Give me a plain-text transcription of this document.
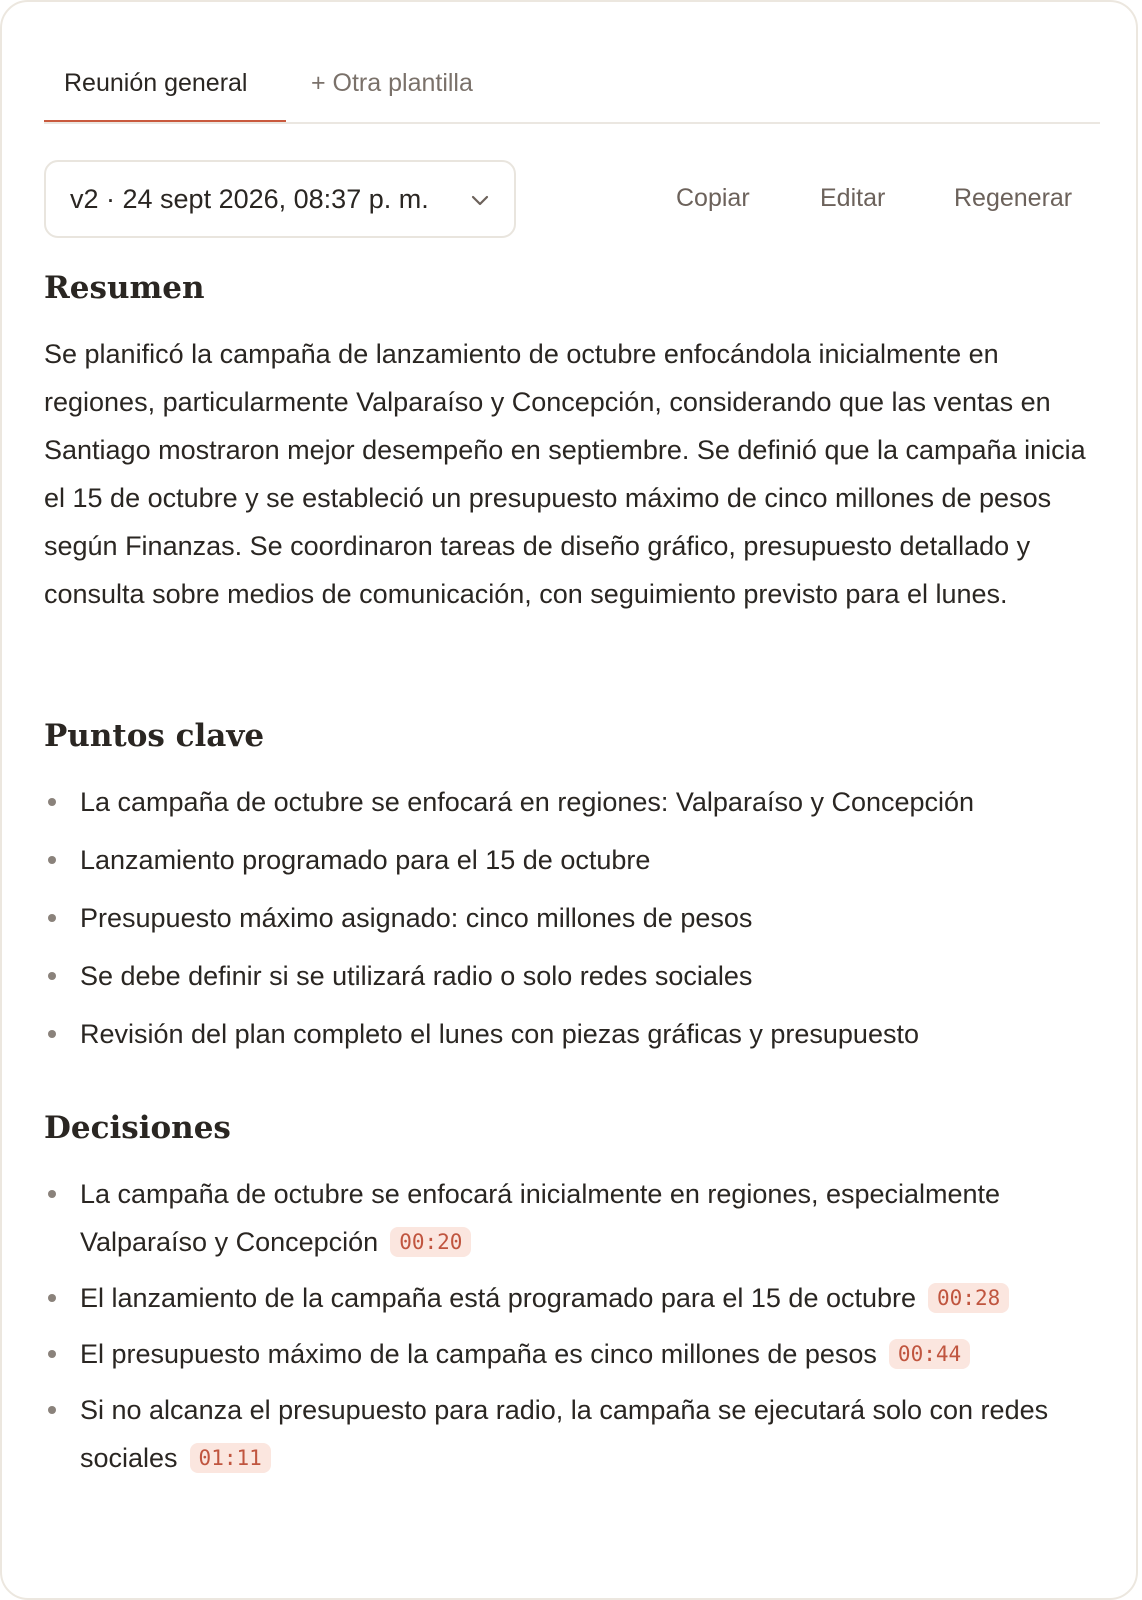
Reunión general	+ Otra plantilla
v2 · 24 sept 2026, 08:37 p. m.	Copiar	Editar	Regenerar
Resumen

Se planificó la campaña de lanzamiento de octubre enfocándola inicialmente en regiones, particularmente Valparaíso y Concepción, considerando que las ventas en Santiago mostraron mejor desempeño en septiembre. Se definió que la campaña inicia el 15 de octubre y se estableció un presupuesto máximo de cinco millones de pesos según Finanzas. Se coordinaron tareas de diseño gráfico, presupuesto detallado y consulta sobre medios de comunicación, con seguimiento previsto para el lunes.

Puntos clave
La campaña de octubre se enfocará en regiones: Valparaíso y Concepción
Lanzamiento programado para el 15 de octubre
Presupuesto máximo asignado: cinco millones de pesos
Se debe definir si se utilizará radio o solo redes sociales
Revisión del plan completo el lunes con piezas gráficas y presupuesto
Decisiones
La campaña de octubre se enfocará inicialmente en regiones, especialmente Valparaíso y Concepción 00:20
El lanzamiento de la campaña está programado para el 15 de octubre 00:28
El presupuesto máximo de la campaña es cinco millones de pesos 00:44
Si no alcanza el presupuesto para radio, la campaña se ejecutará solo con redes sociales 01:11
